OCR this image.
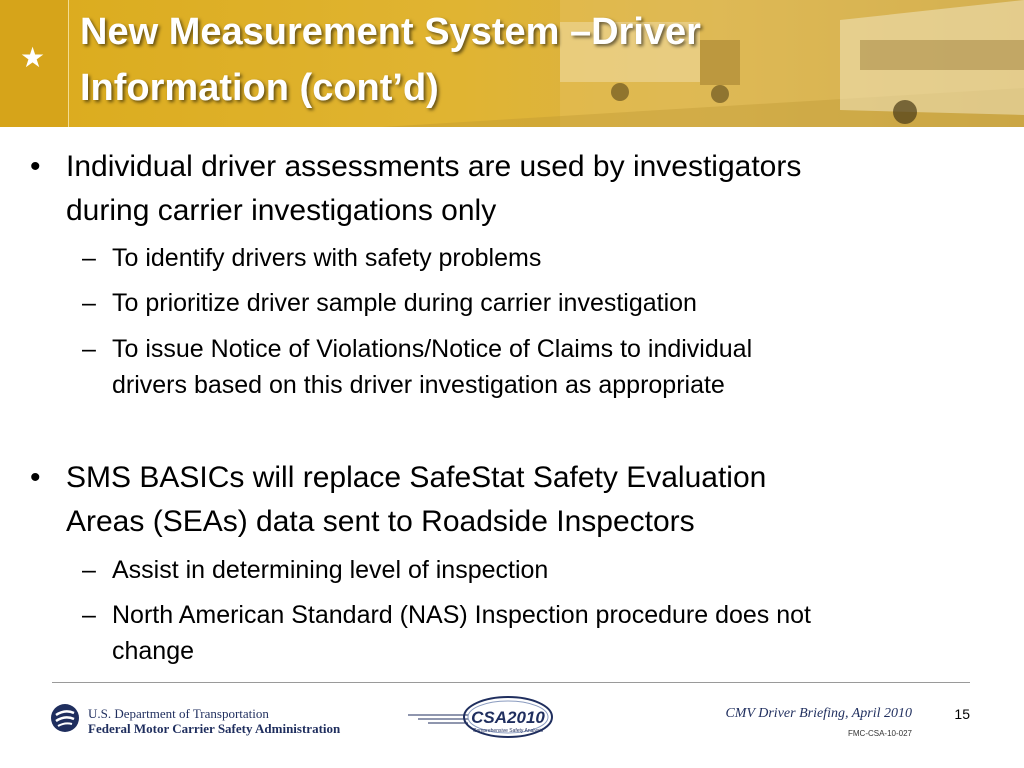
★
New Measurement System –Driver
Information (cont’d)
• Individual driver assessments are used by investigators
during carrier investigations only
– To identify drivers with safety problems
– To prioritize driver sample during carrier investigation
– To issue Notice of Violations/Notice of Claims to individual
drivers based on this driver investigation as appropriate
• SMS BASICs will replace SafeStat Safety Evaluation
Areas (SEAs) data sent to Roadside Inspectors
– Assist in determining level of inspection
– North American Standard (NAS) Inspection procedure does not
change
U.S. Department of Transportation
Federal Motor Carrier Safety Administration
CSA2010
Comprehensive Safety Analysis
CMV Driver Briefing, April 2010	15
FMC-CSA-10-027
